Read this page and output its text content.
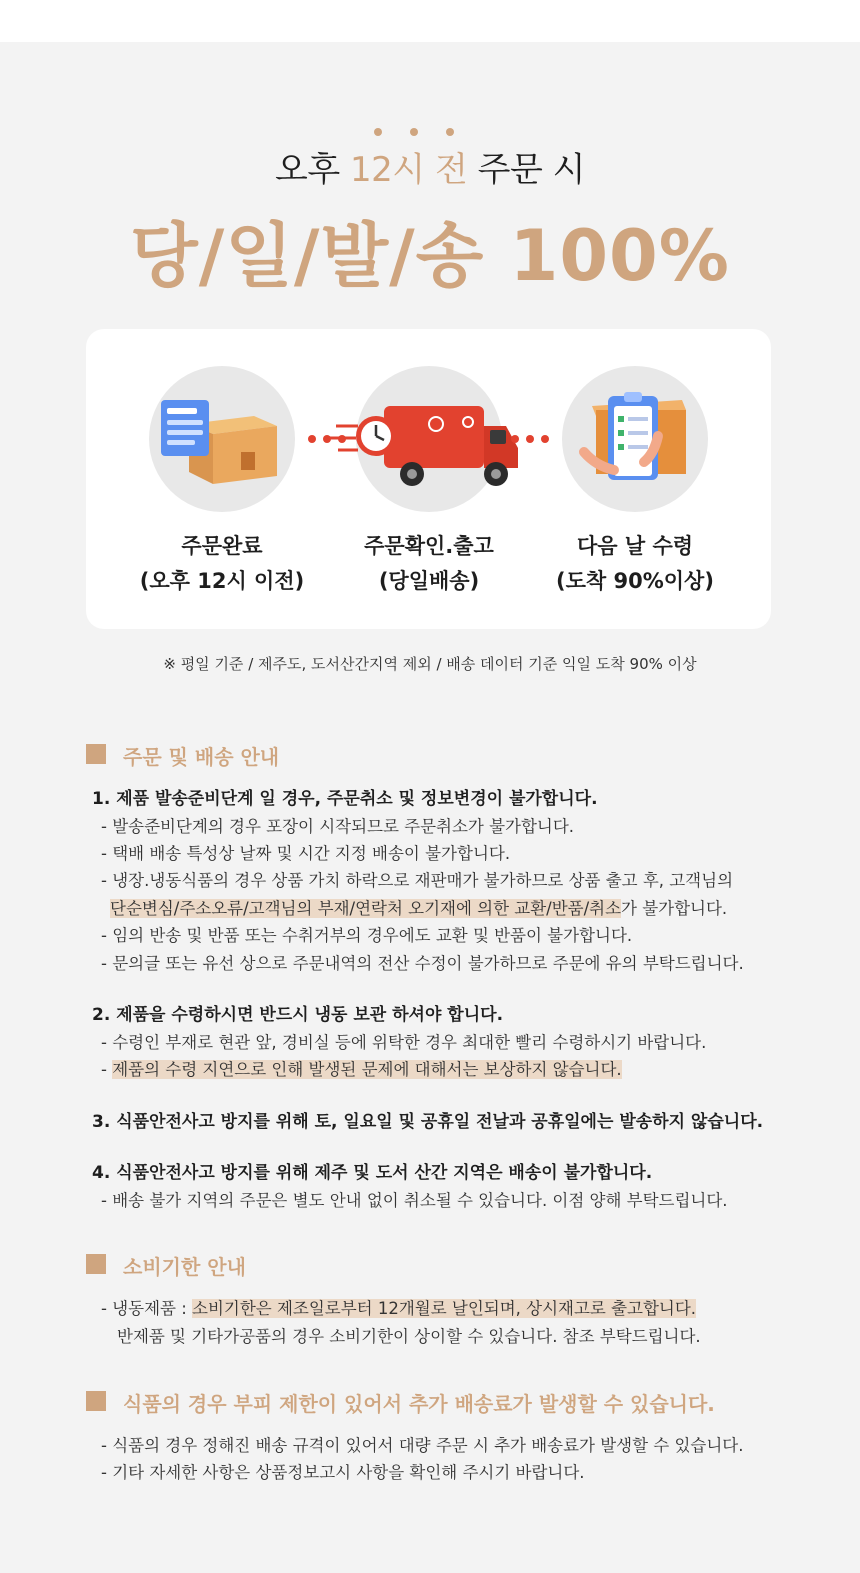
오후 12시 전 주문 시
당/일/발/송 100%
주문완료
(오후 12시 이전)
주문확인.출고
(당일배송)
다음 날 수령
(도착 90%이상)
※ 평일 기준 / 제주도, 도서산간지역 제외 / 배송 데이터 기준 익일 도착 90% 이상
주문 및 배송 안내
1. 제품 발송준비단계 일 경우, 주문취소 및 정보변경이 불가합니다.
- 발송준비단계의 경우 포장이 시작되므로 주문취소가 불가합니다.
- 택배 배송 특성상 날짜 및 시간 지정 배송이 불가합니다.
- 냉장.냉동식품의 경우 상품 가치 하락으로 재판매가 불가하므로 상품 출고 후, 고객님의
단순변심/주소오류/고객님의 부재/연락처 오기재에 의한 교환/반품/취소가 불가합니다.
- 임의 반송 및 반품 또는 수취거부의 경우에도 교환 및 반품이 불가합니다.
- 문의글 또는 유선 상으로 주문내역의 전산 수정이 불가하므로 주문에 유의 부탁드립니다.
2. 제품을 수령하시면 반드시 냉동 보관 하셔야 합니다.
- 수령인 부재로 현관 앞, 경비실 등에 위탁한 경우 최대한 빨리 수령하시기 바랍니다.
- 제품의 수령 지연으로 인해 발생된 문제에 대해서는 보상하지 않습니다.
3. 식품안전사고 방지를 위해 토, 일요일 및 공휴일 전날과 공휴일에는 발송하지 않습니다.
4. 식품안전사고 방지를 위해 제주 및 도서 산간 지역은 배송이 불가합니다.
- 배송 불가 지역의 주문은 별도 안내 없이 취소될 수 있습니다. 이점 양해 부탁드립니다.
소비기한 안내
- 냉동제품 : 소비기한은 제조일로부터 12개월로 날인되며, 상시재고로 출고합니다.
반제품 및 기타가공품의 경우 소비기한이 상이할 수 있습니다. 참조 부탁드립니다.
식품의 경우 부피 제한이 있어서 추가 배송료가 발생할 수 있습니다.
- 식품의 경우 정해진 배송 규격이 있어서 대량 주문 시 추가 배송료가 발생할 수 있습니다.
- 기타 자세한 사항은 상품정보고시 사항을 확인해 주시기 바랍니다.
